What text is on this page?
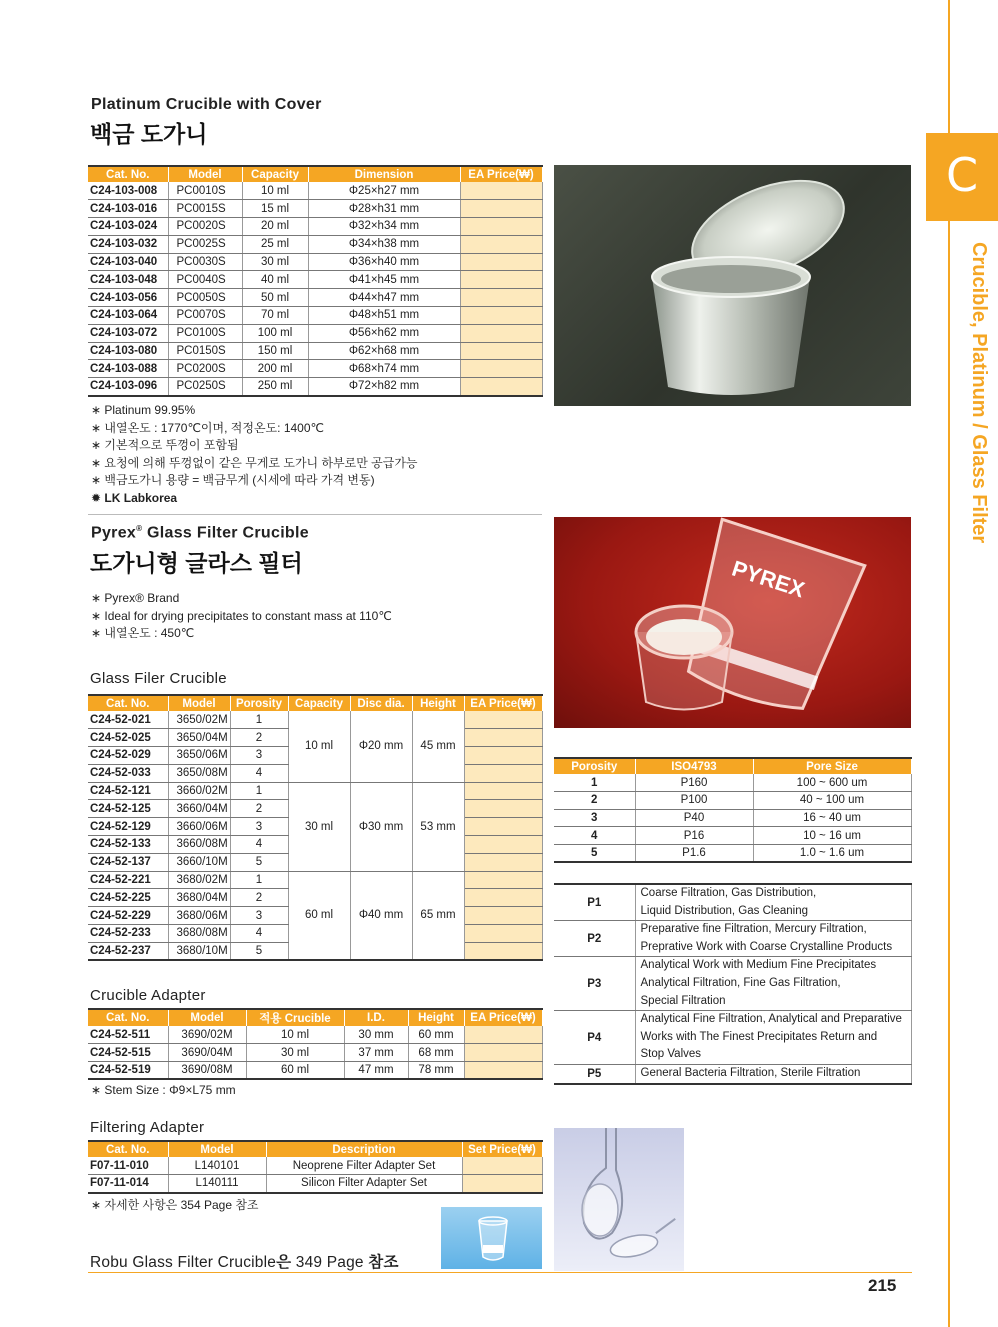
C
Crucible, Platinum / Glass Filter
Platinum Crucible with Cover
백금 도가니
Cat. No.	Model	Capacity	Dimension	EA Price(₩)
C24-103-008	PC0010S	10 ml	Φ25×h27 mm	
C24-103-016	PC0015S	15 ml	Φ28×h31 mm	
C24-103-024	PC0020S	20 ml	Φ32×h34 mm	
C24-103-032	PC0025S	25 ml	Φ34×h38 mm	
C24-103-040	PC0030S	30 ml	Φ36×h40 mm	
C24-103-048	PC0040S	40 ml	Φ41×h45 mm	
C24-103-056	PC0050S	50 ml	Φ44×h47 mm	
C24-103-064	PC0070S	70 ml	Φ48×h51 mm	
C24-103-072	PC0100S	100 ml	Φ56×h62 mm	
C24-103-080	PC0150S	150 ml	Φ62×h68 mm	
C24-103-088	PC0200S	200 ml	Φ68×h74 mm	
C24-103-096	PC0250S	250 ml	Φ72×h82 mm	
∗ Platinum 99.95%
∗ 내열온도 : 1770℃이며, 적정온도: 1400℃
∗ 기본적으로 뚜껑이 포함됨
∗ 요청에 의해 뚜껑없이 같은 무게로 도가니 하부로만 공급가능
∗ 백금도가니 용량 = 백금무게 (시세에 따라 가격 변동)
✹ LK Labkorea
Pyrex® Glass Filter Crucible
도가니형 글라스 필터
∗ Pyrex® Brand
∗ Ideal for drying precipitates to constant mass at 110℃
∗ 내열온도 : 450℃
PYREX
Glass Filer Crucible
Cat. No.	Model	Porosity	Capacity	Disc dia.	Height	EA Price(₩)
C24-52-021	3650/02M	1	10 ml	Φ20 mm	45 mm	
C24-52-025	3650/04M	2				
C24-52-029	3650/06M	3				
C24-52-033	3650/08M	4				
C24-52-121	3660/02M	1	30 ml	Φ30 mm	53 mm	
C24-52-125	3660/04M	2				
C24-52-129	3660/06M	3				
C24-52-133	3660/08M	4				
C24-52-137	3660/10M	5				
C24-52-221	3680/02M	1	60 ml	Φ40 mm	65 mm	
C24-52-225	3680/04M	2				
C24-52-229	3680/06M	3				
C24-52-233	3680/08M	4				
C24-52-237	3680/10M	5				
Porosity	ISO4793	Pore Size
1	P160	100 ~ 600 um
2	P100	40 ~ 100 um
3	P40	16 ~ 40 um
4	P16	10 ~ 16 um
5	P1.6	1.0 ~ 1.6 um
P1	Coarse Filtration, Gas Distribution,
Liquid Distribution, Gas Cleaning

P2	Preparative fine Filtration, Mercury Filtration,
Preprative Work with Coarse Crystalline Products

P3	Analytical Work with Medium Fine Precipitates
Analytical Filtration, Fine Gas Filtration,
Special Filtration

P4	Analytical Fine Filtration, Analytical and Preparative
Works with The Finest Precipitates Return and
Stop Valves

P5	General Bacteria Filtration, Sterile Filtration
Crucible Adapter
Cat. No.	Model	적용 Crucible	I.D.	Height	EA Price(₩)
C24-52-511	3690/02M	10 ml	30 mm	60 mm	
C24-52-515	3690/04M	30 ml	37 mm	68 mm	
C24-52-519	3690/08M	60 ml	47 mm	78 mm	
∗ Stem Size : Φ9×L75 mm
Filtering Adapter
Cat. No.	Model	Description	Set Price(₩)
F07-11-010	L140101	Neoprene Filter Adapter Set	
F07-11-014	L140111	Silicon Filter Adapter Set	
∗ 자세한 사항은 354 Page 참조
Robu Glass Filter Crucible은 349 Page 참조
215
